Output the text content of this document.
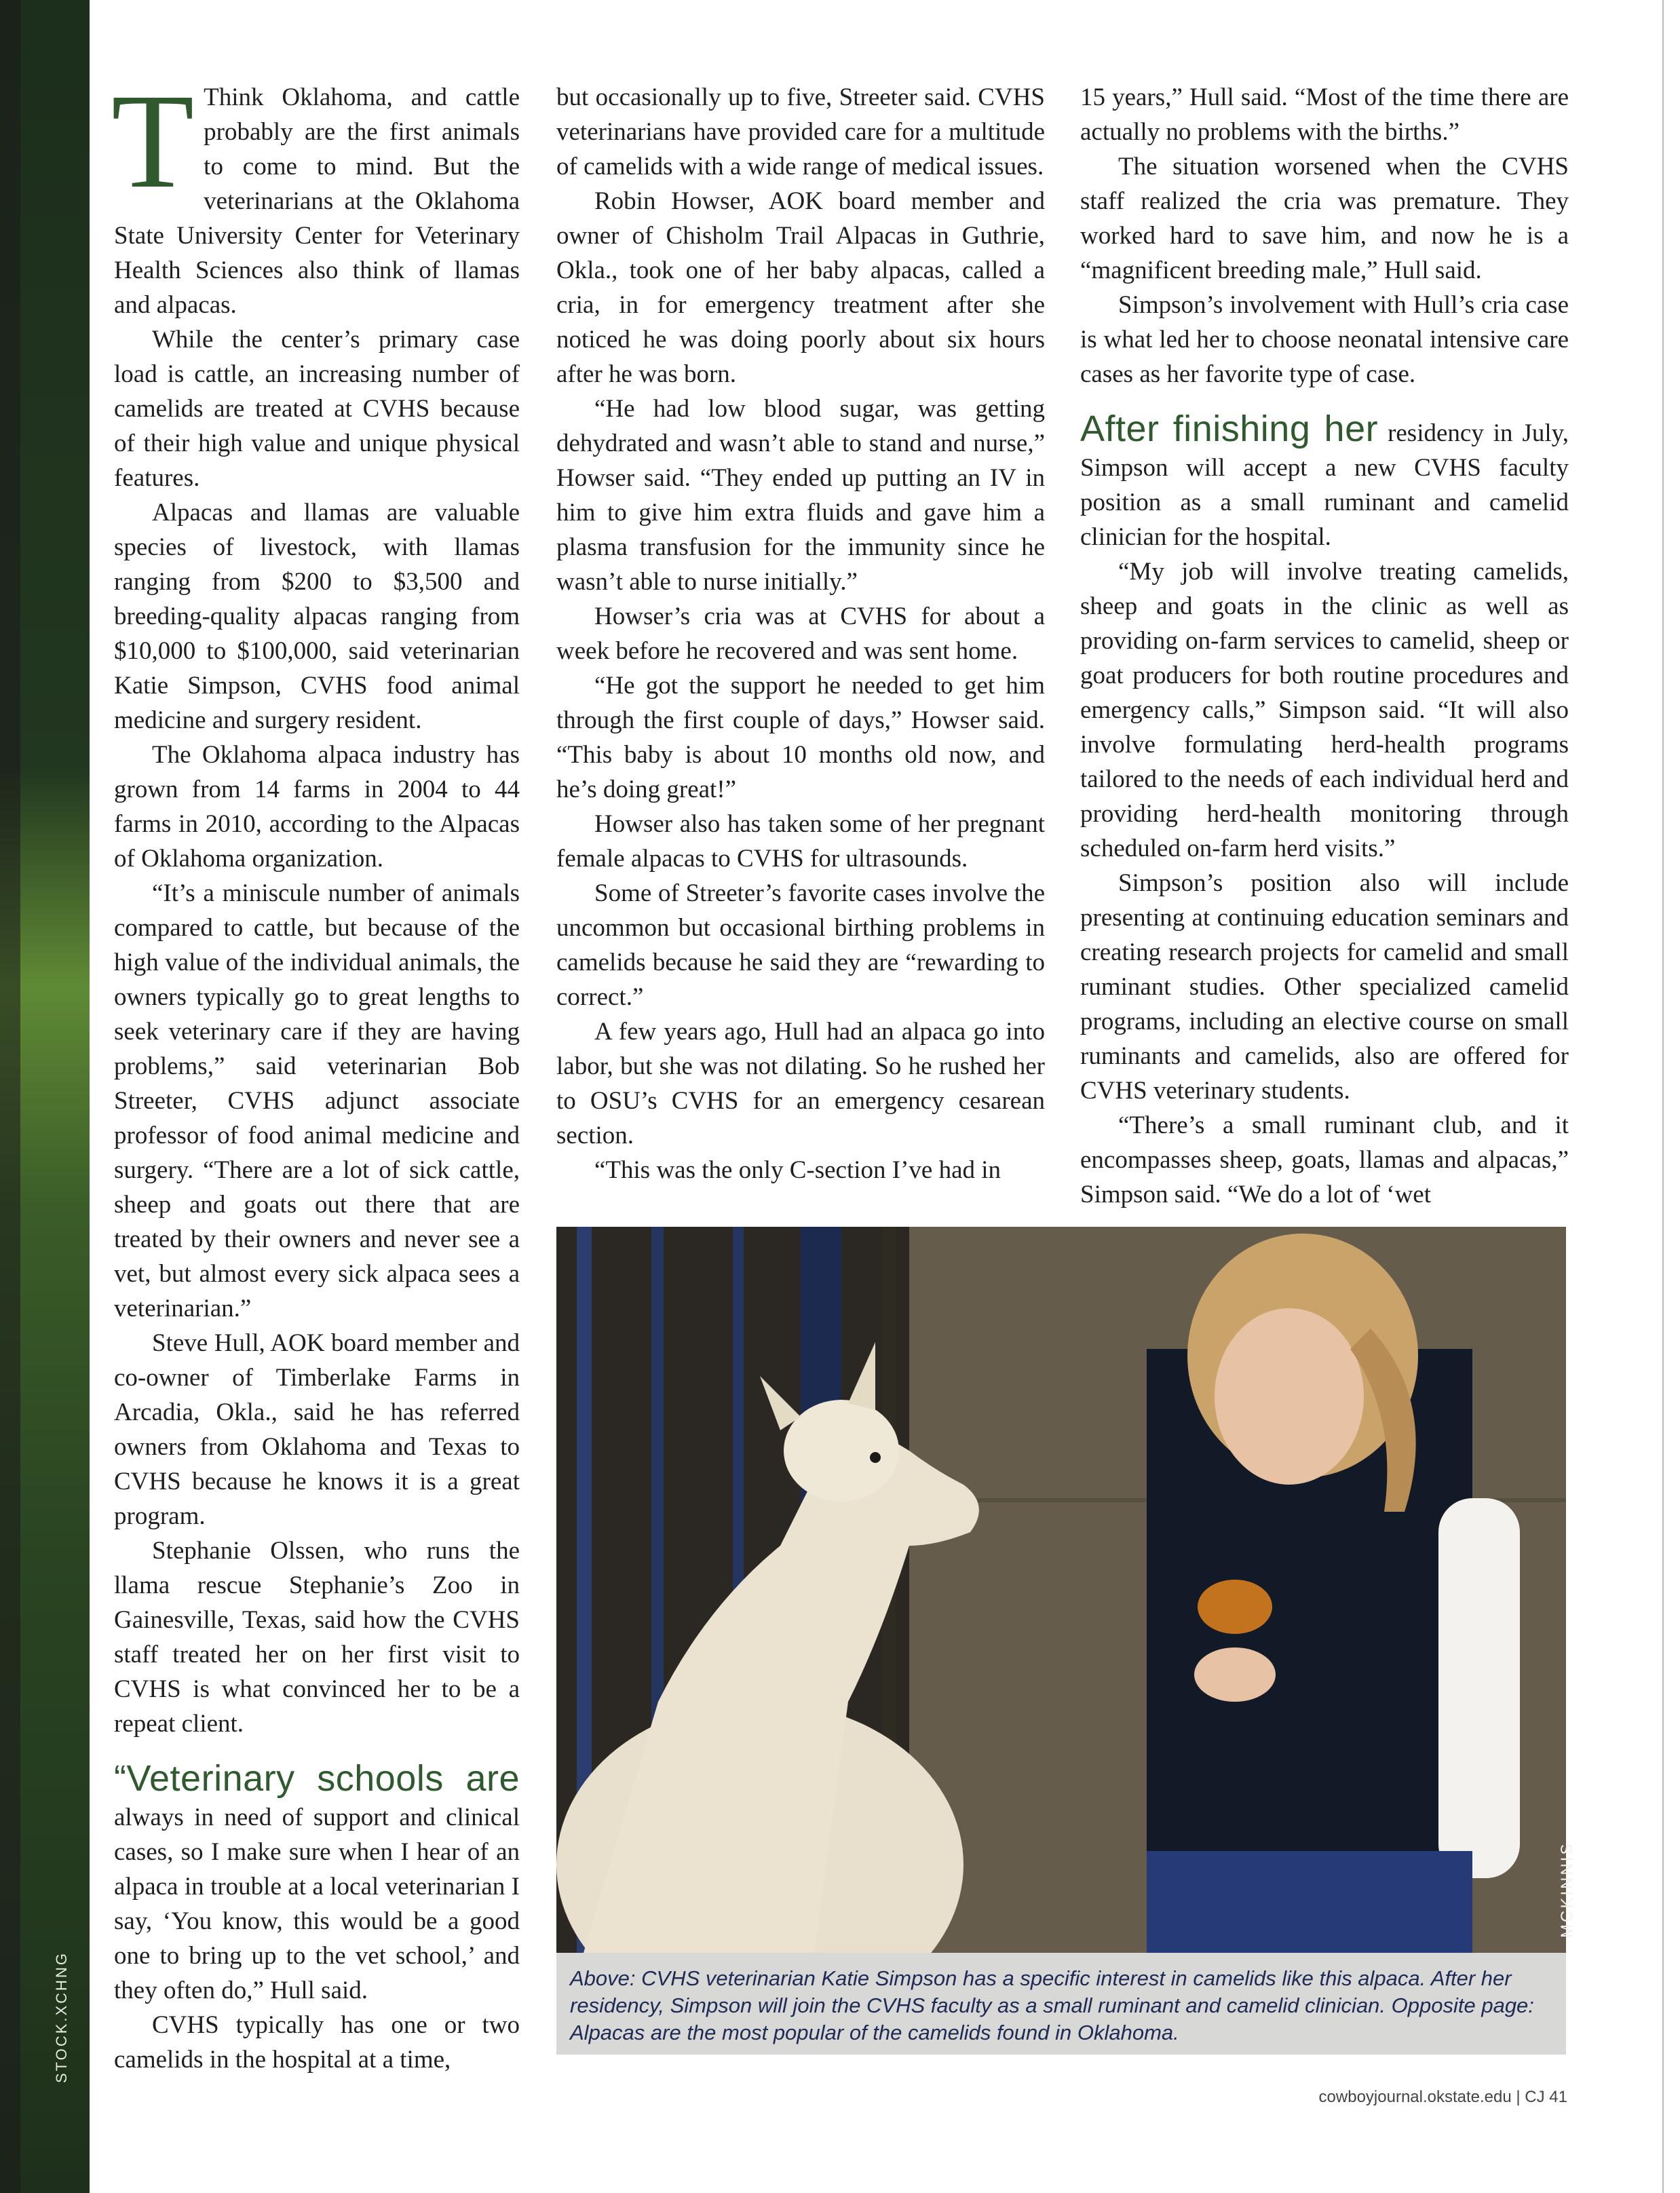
STOCK.XCHNG

T Think Oklahoma, and cattle probably are the first animals to come to mind. But the veterinarians at the Oklahoma State University Center for Veterinary Health Sciences also think of llamas and alpacas.

While the center’s primary case load is cattle, an increasing number of camelids are treated at CVHS because of their high value and unique physical features.

Alpacas and llamas are valuable species of livestock, with llamas ranging from $200 to $3,500 and breeding-quality alpacas ranging from $10,000 to $100,000, said veterinarian Katie Simpson, CVHS food animal medicine and surgery resident.

The Oklahoma alpaca industry has grown from 14 farms in 2004 to 44 farms in 2010, according to the Alpacas of Oklahoma organization.

“It’s a miniscule number of animals compared to cattle, but because of the high value of the individual animals, the owners typically go to great lengths to seek veterinary care if they are having problems,” said veterinarian Bob Streeter, CVHS adjunct associate professor of food animal medicine and surgery. “There are a lot of sick cattle, sheep and goats out there that are treated by their owners and never see a vet, but almost every sick alpaca sees a veterinarian.”

Steve Hull, AOK board member and co-owner of Timberlake Farms in Arcadia, Okla., said he has referred owners from Oklahoma and Texas to CVHS because he knows it is a great program.

Stephanie Olssen, who runs the llama rescue Stephanie’s Zoo in Gainesville, Texas, said how the CVHS staff treated her on her first visit to CVHS is what convinced her to be a repeat client.

“Veterinary schools are always in need of support and clinical cases, so I make sure when I hear of an alpaca in trouble at a local veterinarian I say, ‘You know, this would be a good one to bring up to the vet school,’ and they often do,” Hull said.

CVHS typically has one or two camelids in the hospital at a time,

but occasionally up to five, Streeter said. CVHS veterinarians have provided care for a multitude of camelids with a wide range of medical issues.

Robin Howser, AOK board member and owner of Chisholm Trail Alpacas in Guthrie, Okla., took one of her baby alpacas, called a cria, in for emergency treatment after she noticed he was doing poorly about six hours after he was born.

“He had low blood sugar, was getting dehydrated and wasn’t able to stand and nurse,” Howser said. “They ended up putting an IV in him to give him extra fluids and gave him a plasma transfusion for the immunity since he wasn’t able to nurse initially.”

Howser’s cria was at CVHS for about a week before he recovered and was sent home.

“He got the support he needed to get him through the first couple of days,” Howser said. “This baby is about 10 months old now, and he’s doing great!”

Howser also has taken some of her pregnant female alpacas to CVHS for ultrasounds.

Some of Streeter’s favorite cases involve the uncommon but occasional birthing problems in camelids because he said they are “rewarding to correct.”

A few years ago, Hull had an alpaca go into labor, but she was not dilating. So he rushed her to OSU’s CVHS for an emergency cesarean section.

“This was the only C-section I’ve had in

15 years,” Hull said. “Most of the time there are actually no problems with the births.”

The situation worsened when the CVHS staff realized the cria was premature. They worked hard to save him, and now he is a “magnificent breeding male,” Hull said.

Simpson’s involvement with Hull’s cria case is what led her to choose neonatal intensive care cases as her favorite type of case.

After finishing her residency in July, Simpson will accept a new CVHS faculty position as a small ruminant and camelid clinician for the hospital.

“My job will involve treating camelids, sheep and goats in the clinic as well as providing on-farm services to camelid, sheep or goat producers for both routine procedures and emergency calls,” Simpson said. “It will also involve formulating herd-health programs tailored to the needs of each individual herd and providing herd-health monitoring through scheduled on-farm herd visits.”

Simpson’s position also will include presenting at continuing education seminars and creating research projects for camelid and small ruminant studies. Other specialized camelid programs, including an elective course on small ruminants and camelids, also are offered for CVHS veterinary students.

“There’s a small ruminant club, and it encompasses sheep, goats, llamas and alpacas,” Simpson said. “We do a lot of ‘wet

MCKINNIS
Above: CVHS veterinarian Katie Simpson has a specific interest in camelids like this alpaca. After her residency, Simpson will join the CVHS faculty as a small ruminant and camelid clinician. Opposite page: Alpacas are the most popular of the camelids found in Oklahoma.
cowboyjournal.okstate.edu | CJ 41
